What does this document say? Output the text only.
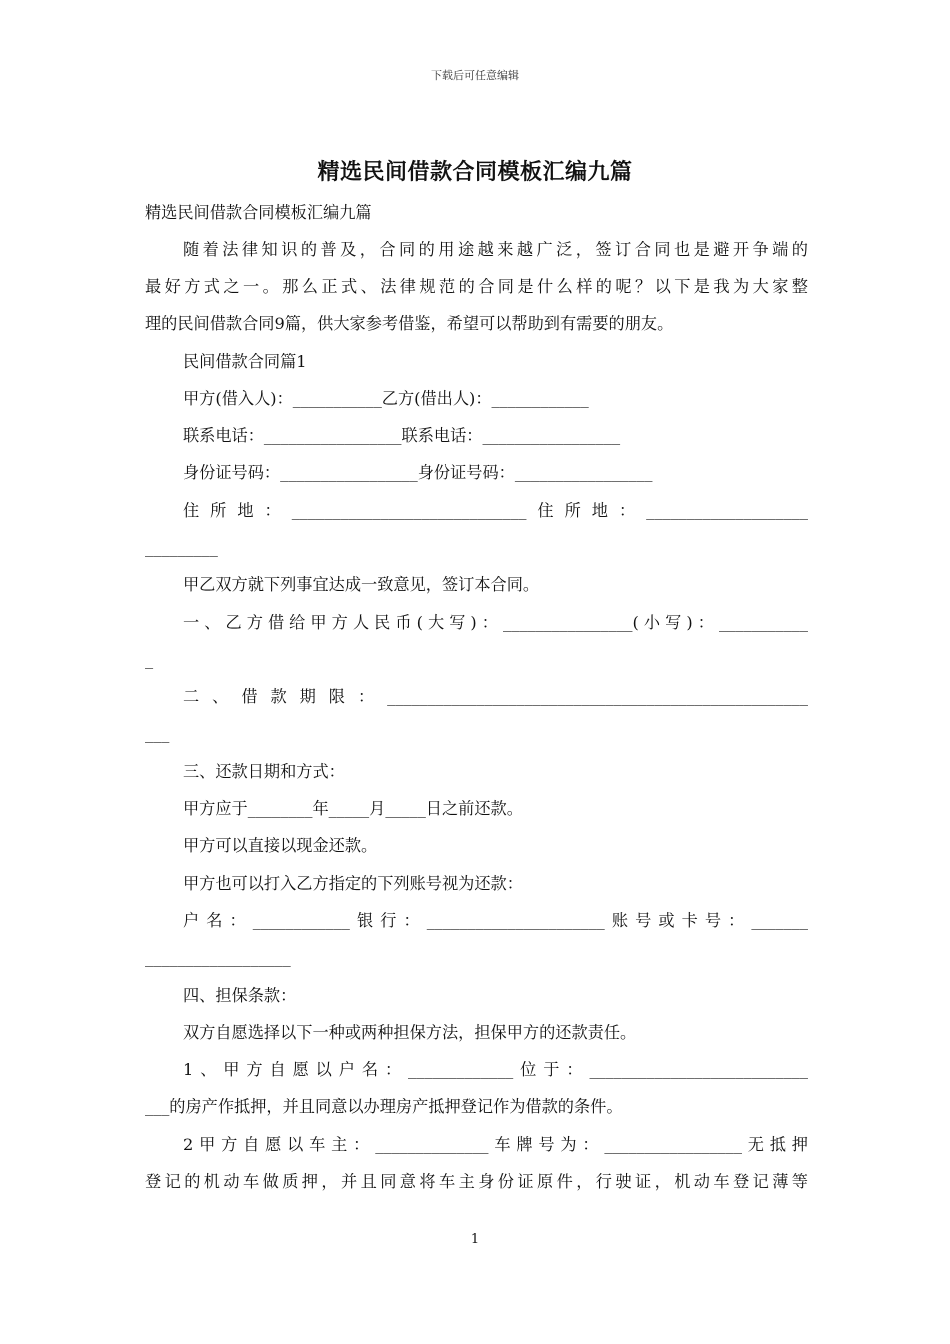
下载后可任意编辑
精选民间借款合同模板汇编九篇
精选民间借款合同模板汇编九篇
随着法律知识的普及，合同的用途越来越广泛，签订合同也是避开争端的
最好方式之一。那么正式、法律规范的合同是什么样的呢？以下是我为大家整
理的民间借款合同9篇，供大家参考借鉴，希望可以帮助到有需要的朋友。
民间借款合同篇1
甲方(借入人)：___________乙方(借出人)：____________
联系电话：_________________联系电话：_________________
身份证号码：_________________身份证号码：_________________
住所地：_____________________________住所地：____________________
_________
甲乙双方就下列事宜达成一致意见，签订本合同。
一、乙方借给甲方人民币(大写)：________________(小写)：___________
_
二、借款期限：____________________________________________________
___
三、还款日期和方式：
甲方应于________年_____月_____日之前还款。
甲方可以直接以现金还款。
甲方也可以打入乙方指定的下列账号视为还款：
户名：____________银行：______________________账号或卡号：_______
__________________
四、担保条款：
双方自愿选择以下一种或两种担保方法，担保甲方的还款责任。
1、甲方自愿以户名：_____________位于：___________________________
___的房产作抵押，并且同意以办理房产抵押登记作为借款的条件。
2甲方自愿以车主：______________车牌号为：_________________无抵押
登记的机动车做质押，并且同意将车主身份证原件，行驶证，机动车登记薄等
1
